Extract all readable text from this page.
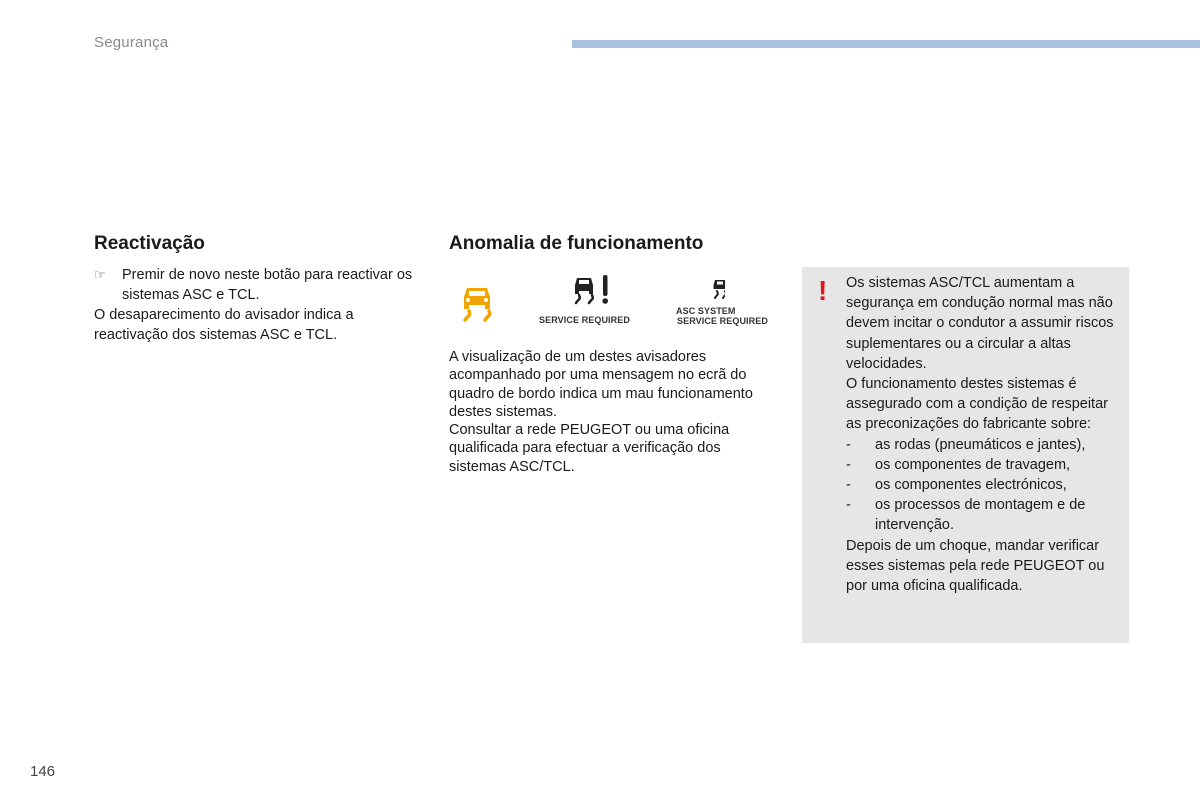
Segurança
Reactivação	Anomalia de funcionamento
☞ Premir de novo neste botão para reactivar os sistemas ASC e TCL.

O desaparecimento do avisador indica a reactivação dos sistemas ASC e TCL.

SERVICE REQUIRED
ASC SYSTEM
SERVICE REQUIRED

A visualização de um destes avisadores acompanhado por uma mensagem no ecrã do quadro de bordo indica um mau funcionamento destes sistemas.

Consultar a rede PEUGEOT ou uma oficina qualificada para efectuar a verificação dos sistemas ASC/TCL.

! Os sistemas ASC/TCL aumentam a segurança em condução normal mas não devem incitar o condutor a assumir riscos suplementares ou a circular a altas velocidades.

O funcionamento destes sistemas é assegurado com a condição de respeitar as preconizações do fabricante sobre:

- as rodas (pneumáticos e jantes),
- os componentes de travagem,
- os componentes electrónicos,
- os processos de montagem e de intervenção.

Depois de um choque, mandar verificar esses sistemas pela rede PEUGEOT ou por uma oficina qualificada.

146
